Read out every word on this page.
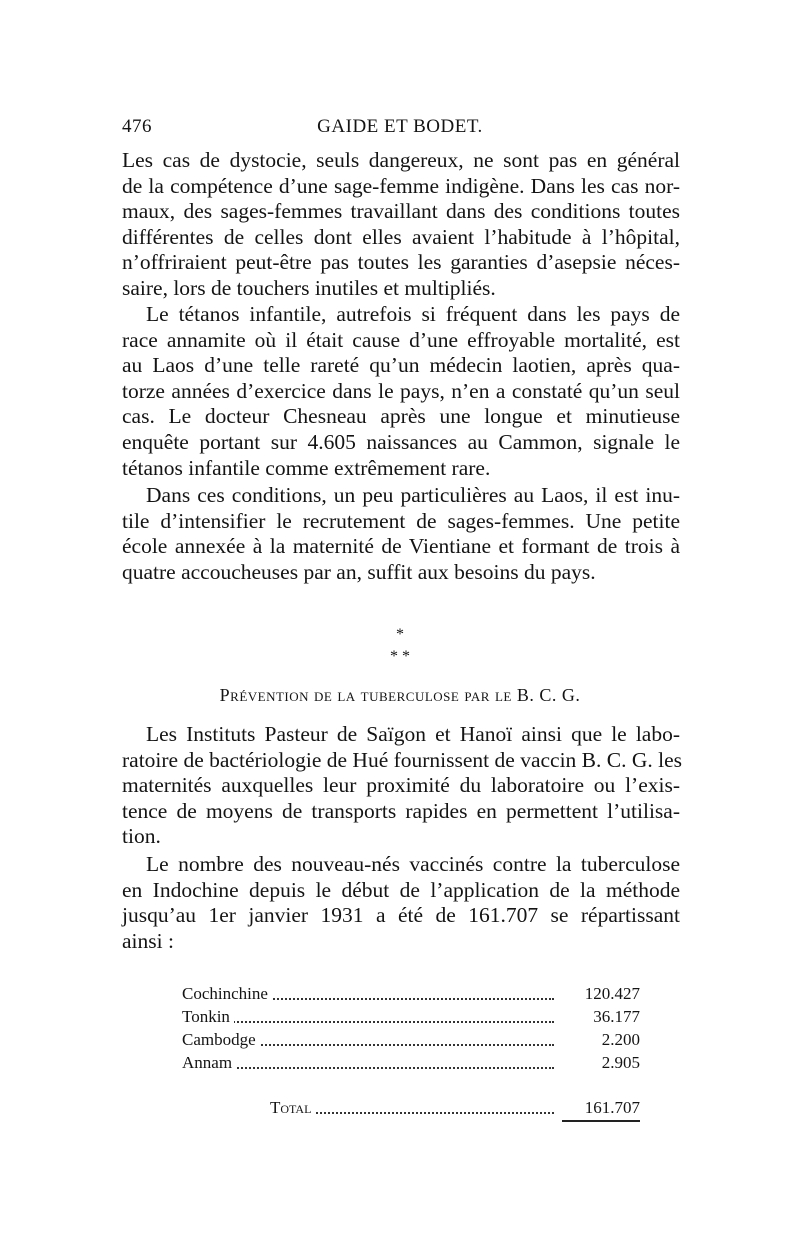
476	GAIDE ET BODET.
Les cas de dystocie, seuls dangereux, ne sont pas en général
de la compétence d’une sage-femme indigène. Dans les cas nor-
maux, des sages-femmes travaillant dans des conditions toutes
différentes de celles dont elles avaient l’habitude à l’hôpital,
n’offriraient peut-être pas toutes les garanties d’asepsie néces-
saire, lors de touchers inutiles et multipliés.
Le tétanos infantile, autrefois si fréquent dans les pays de
race annamite où il était cause d’une effroyable mortalité, est
au Laos d’une telle rareté qu’un médecin laotien, après qua-
torze années d’exercice dans le pays, n’en a constaté qu’un seul
cas. Le docteur Chesneau après une longue et minutieuse
enquête portant sur 4.605 naissances au Cammon, signale le
tétanos infantile comme extrêmement rare.
Dans ces conditions, un peu particulières au Laos, il est inu-
tile d’intensifier le recrutement de sages-femmes. Une petite
école annexée à la maternité de Vientiane et formant de trois à
quatre accoucheuses par an, suffit aux besoins du pays.
*
* *
Prévention de la tuberculose par le B. C. G.
Les Instituts Pasteur de Saïgon et Hanoï ainsi que le labo-
ratoire de bactériologie de Hué fournissent de vaccin B. C. G. les
maternités auxquelles leur proximité du laboratoire ou l’exis-
tence de moyens de transports rapides en permettent l’utilisa-
tion.
Le nombre des nouveau-nés vaccinés contre la tuberculose
en Indochine depuis le début de l’application de la méthode
jusqu’au 1er janvier 1931 a été de 161.707 se répartissant
ainsi :
Cochinchine	120.427
Tonkin	36.177
Cambodge	2.200
Annam	2.905
Total	161.707
